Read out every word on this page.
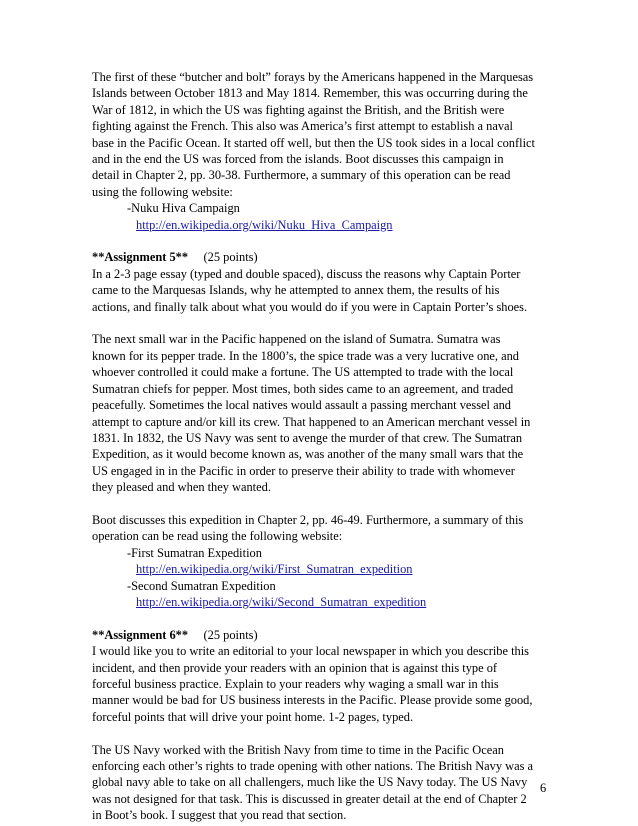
The first of these “butcher and bolt” forays by the Americans happened in the Marquesas
Islands between October 1813 and May 1814. Remember, this was occurring during the
War of 1812, in which the US was fighting against the British, and the British were
fighting against the French. This also was America’s first attempt to establish a naval
base in the Pacific Ocean. It started off well, but then the US took sides in a local conflict
and in the end the US was forced from the islands. Boot discusses this campaign in
detail in Chapter 2, pp. 30-38. Furthermore, a summary of this operation can be read
using the following website:
-Nuku Hiva Campaign
http://en.wikipedia.org/wiki/Nuku_Hiva_Campaign
**Assignment 5** (25 points)
In a 2-3 page essay (typed and double spaced), discuss the reasons why Captain Porter
came to the Marquesas Islands, why he attempted to annex them, the results of his
actions, and finally talk about what you would do if you were in Captain Porter’s shoes.
The next small war in the Pacific happened on the island of Sumatra. Sumatra was
known for its pepper trade. In the 1800’s, the spice trade was a very lucrative one, and
whoever controlled it could make a fortune. The US attempted to trade with the local
Sumatran chiefs for pepper. Most times, both sides came to an agreement, and traded
peacefully. Sometimes the local natives would assault a passing merchant vessel and
attempt to capture and/or kill its crew. That happened to an American merchant vessel in
1831. In 1832, the US Navy was sent to avenge the murder of that crew. The Sumatran
Expedition, as it would become known as, was another of the many small wars that the
US engaged in in the Pacific in order to preserve their ability to trade with whomever
they pleased and when they wanted.
Boot discusses this expedition in Chapter 2, pp. 46-49. Furthermore, a summary of this
operation can be read using the following website:
-First Sumatran Expedition
http://en.wikipedia.org/wiki/First_Sumatran_expedition
-Second Sumatran Expedition
http://en.wikipedia.org/wiki/Second_Sumatran_expedition
**Assignment 6** (25 points)
I would like you to write an editorial to your local newspaper in which you describe this
incident, and then provide your readers with an opinion that is against this type of
forceful business practice. Explain to your readers why waging a small war in this
manner would be bad for US business interests in the Pacific. Please provide some good,
forceful points that will drive your point home. 1-2 pages, typed.
The US Navy worked with the British Navy from time to time in the Pacific Ocean
enforcing each other’s rights to trade opening with other nations. The British Navy was a
global navy able to take on all challengers, much like the US Navy today. The US Navy
was not designed for that task. This is discussed in greater detail at the end of Chapter 2
in Boot’s book. I suggest that you read that section.
6
